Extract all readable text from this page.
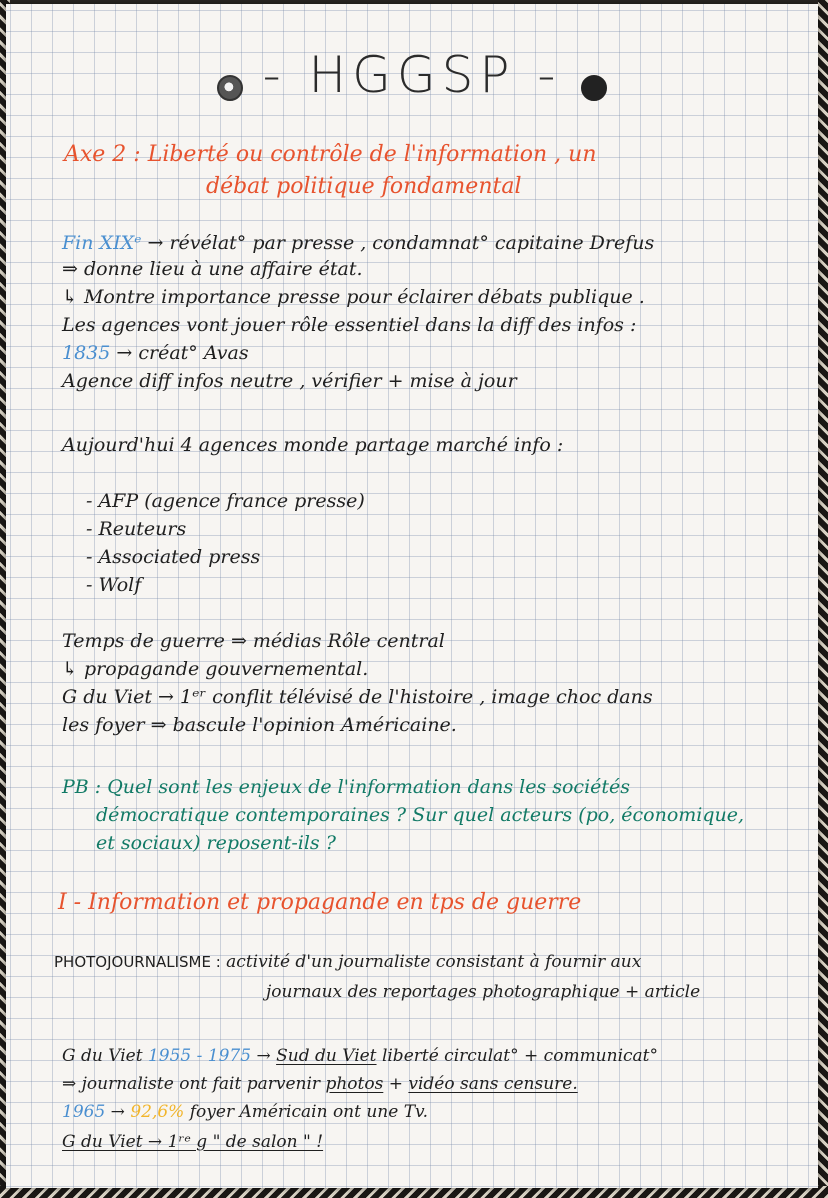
- HGGSP -
Axe 2 : Liberté ou contrôle de l'information , un
débat politique fondamental
Fin XIXᵉ → révélat° par presse , condamnat° capitaine Drefus
⇒ donne lieu à une affaire état.
↳ Montre importance presse pour éclairer débats publique .
Les agences vont jouer rôle essentiel dans la diff des infos :
1835 → créat° Avas
Agence diff infos neutre , vérifier + mise à jour
Aujourd'hui 4 agences monde partage marché info :
- AFP (agence france presse)
- Reuteurs
- Associated press
- Wolf
Temps de guerre ⇒ médias Rôle central
↳ propagande gouvernemental.
G du Viet → 1ᵉʳ conflit télévisé de l'histoire , image choc dans
les foyer ⇒ bascule l'opinion Américaine.
PB : Quel sont les enjeux de l'information dans les sociétés
démocratique contemporaines ? Sur quel acteurs (po, économique,
et sociaux) reposent-ils ?
I - Information et propagande en tps de guerre
PHOTOJOURNALISME : activité d'un journaliste consistant à fournir aux
journaux des reportages photographique + article
G du Viet 1955 - 1975 → Sud du Viet liberté circulat° + communicat°
⇒ journaliste ont fait parvenir photos + vidéo sans censure.
1965 → 92,6% foyer Américain ont une Tv.
G du Viet → 1ʳᵉ g " de salon " !
